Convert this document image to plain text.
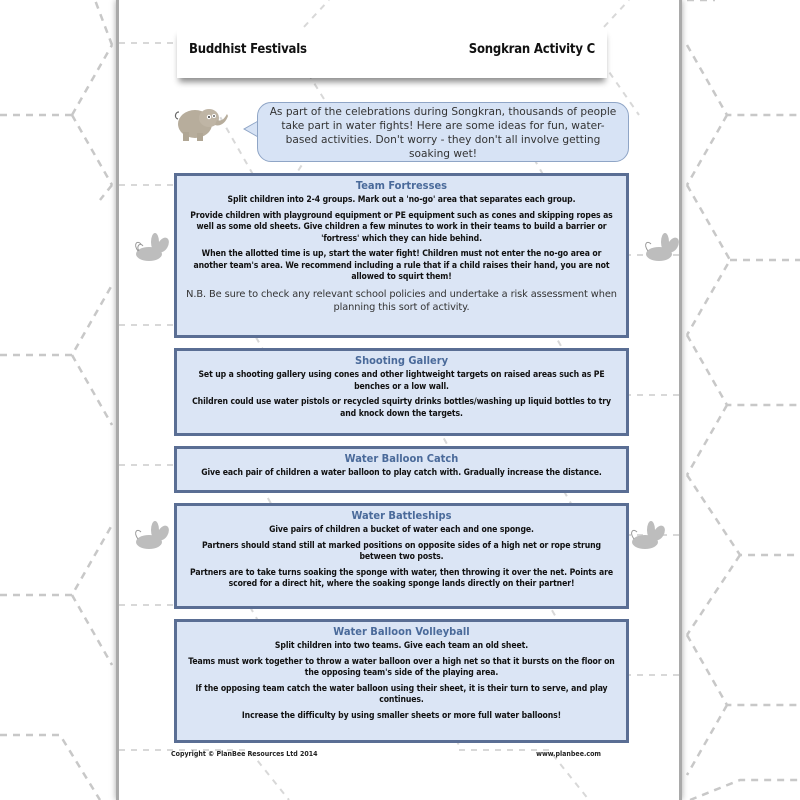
Buddhist Festivals	Songkran Activity C
As part of the celebrations during Songkran, thousands of people take part in water fights! Here are some ideas for fun, water-based activities. Don't worry - they don't all involve getting soaking wet!
Team Fortresses

Split children into 2-4 groups. Mark out a 'no-go' area that separates each group.

Provide children with playground equipment or PE equipment such as cones and skipping ropes as well as some old sheets. Give children a few minutes to work in their teams to build a barrier or 'fortress' which they can hide behind.

When the allotted time is up, start the water fight! Children must not enter the no-go area or another team's area. We recommend including a rule that if a child raises their hand, you are not allowed to squirt them!

N.B. Be sure to check any relevant school policies and undertake a risk assessment when planning this sort of activity.

Shooting Gallery

Set up a shooting gallery using cones and other lightweight targets on raised areas such as PE benches or a low wall.

Children could use water pistols or recycled squirty drinks bottles/washing up liquid bottles to try and knock down the targets.

Water Balloon Catch

Give each pair of children a water balloon to play catch with. Gradually increase the distance.

Water Battleships

Give pairs of children a bucket of water each and one sponge.

Partners should stand still at marked positions on opposite sides of a high net or rope strung between two posts.

Partners are to take turns soaking the sponge with water, then throwing it over the net. Points are scored for a direct hit, where the soaking sponge lands directly on their partner!

Water Balloon Volleyball

Split children into two teams. Give each team an old sheet.

Teams must work together to throw a water balloon over a high net so that it bursts on the floor on the opposing team's side of the playing area.

If the opposing team catch the water balloon using their sheet, it is their turn to serve, and play continues.

Increase the difficulty by using smaller sheets or more full water balloons!

Copyright © PlanBee Resources Ltd 2014	www.planbee.com
